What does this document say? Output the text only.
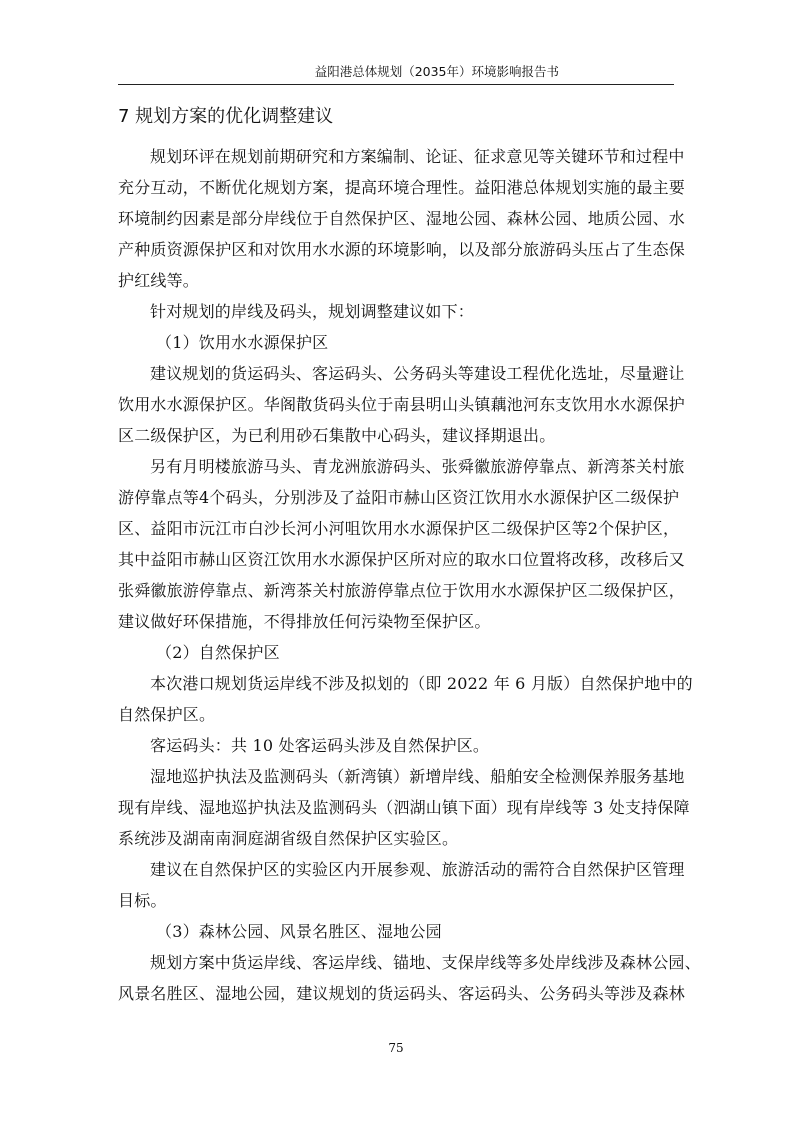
益阳港总体规划（2035年）环境影响报告书
7 规划方案的优化调整建议
规划环评在规划前期研究和方案编制、论证、征求意见等关键环节和过程中
充分互动，不断优化规划方案，提高环境合理性。益阳港总体规划实施的最主要
环境制约因素是部分岸线位于自然保护区、湿地公园、森林公园、地质公园、水
产种质资源保护区和对饮用水水源的环境影响，以及部分旅游码头压占了生态保
护红线等。
针对规划的岸线及码头，规划调整建议如下：
（1）饮用水水源保护区
建议规划的货运码头、客运码头、公务码头等建设工程优化选址，尽量避让
饮用水水源保护区。华阁散货码头位于南县明山头镇藕池河东支饮用水水源保护
区二级保护区，为已利用砂石集散中心码头，建议择期退出。
另有月明楼旅游马头、青龙洲旅游码头、张舜徽旅游停靠点、新湾茶关村旅
游停靠点等4个码头，分别涉及了益阳市赫山区资江饮用水水源保护区二级保护
区、益阳市沅江市白沙长河小河咀饮用水水源保护区二级保护区等2个保护区，
其中益阳市赫山区资江饮用水水源保护区所对应的取水口位置将改移，改移后又
张舜徽旅游停靠点、新湾茶关村旅游停靠点位于饮用水水源保护区二级保护区，
建议做好环保措施，不得排放任何污染物至保护区。
（2）自然保护区
本次港口规划货运岸线不涉及拟划的（即 2022 年 6 月版）自然保护地中的
自然保护区。
客运码头：共 10 处客运码头涉及自然保护区。
湿地巡护执法及监测码头（新湾镇）新增岸线、船舶安全检测保养服务基地
现有岸线、湿地巡护执法及监测码头（泗湖山镇下面）现有岸线等 3 处支持保障
系统涉及湖南南洞庭湖省级自然保护区实验区。
建议在自然保护区的实验区内开展参观、旅游活动的需符合自然保护区管理
目标。
（3）森林公园、风景名胜区、湿地公园
规划方案中货运岸线、客运岸线、锚地、支保岸线等多处岸线涉及森林公园、
风景名胜区、湿地公园，建议规划的货运码头、客运码头、公务码头等涉及森林
75
